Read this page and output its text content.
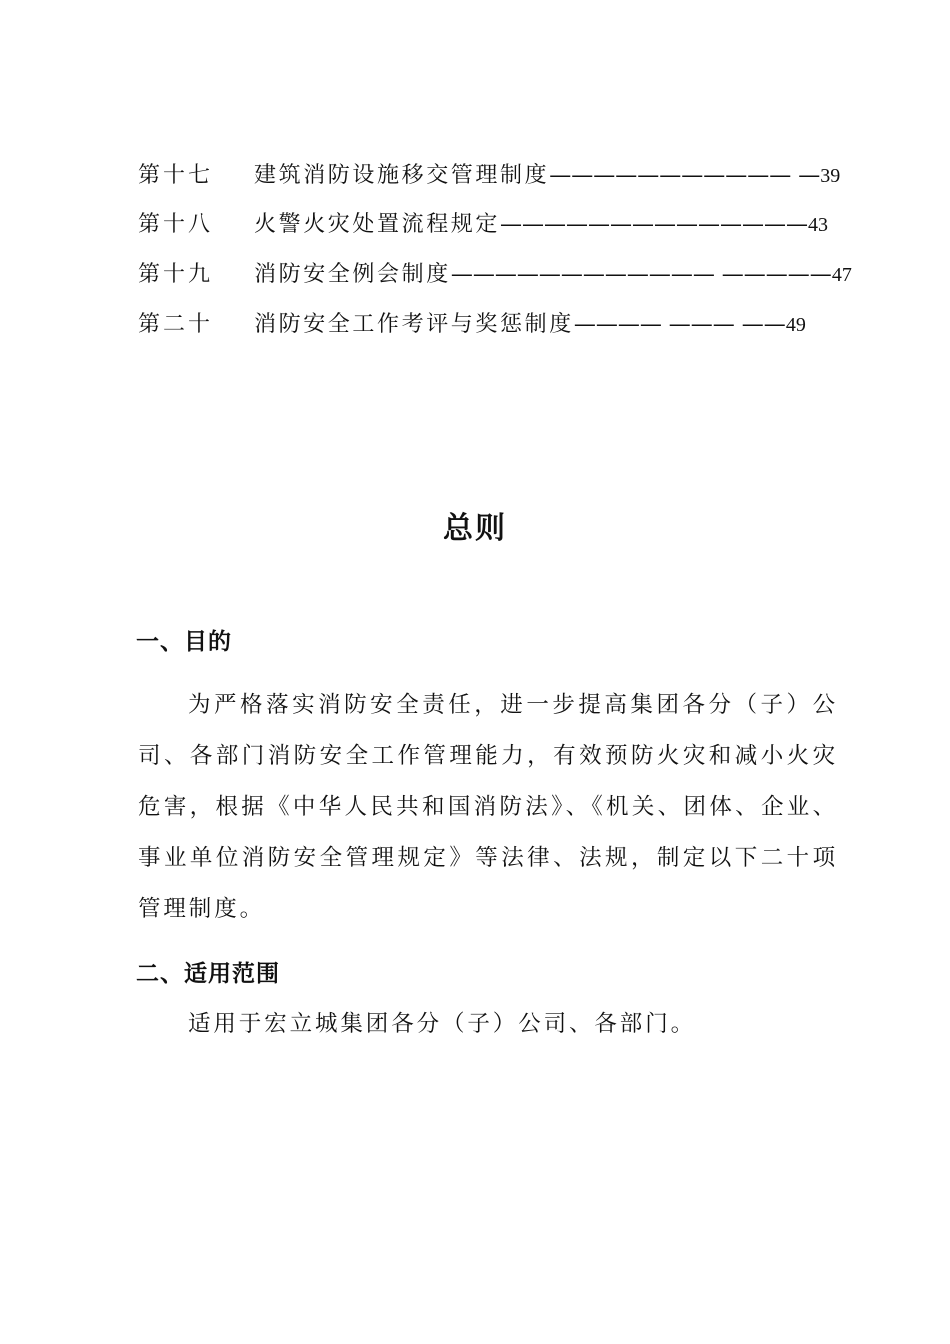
第十七 建筑消防设施移交管理制度——————————— —39
第十八 火警火灾处置流程规定——————————————43
第十九 消防安全例会制度———————————— —————47
第二十 消防安全工作考评与奖惩制度———— ——— ——49
总则
一、目的
为严格落实消防安全责任，进一步提高集团各分（子）公司、各部门消防安全工作管理能力，有效预防火灾和减小火灾危害，根据《中华人民共和国消防法》、《机关、团体、企业、事业单位消防安全管理规定》等法律、法规，制定以下二十项管理制度。
二、适用范围
适用于宏立城集团各分（子）公司、各部门。
